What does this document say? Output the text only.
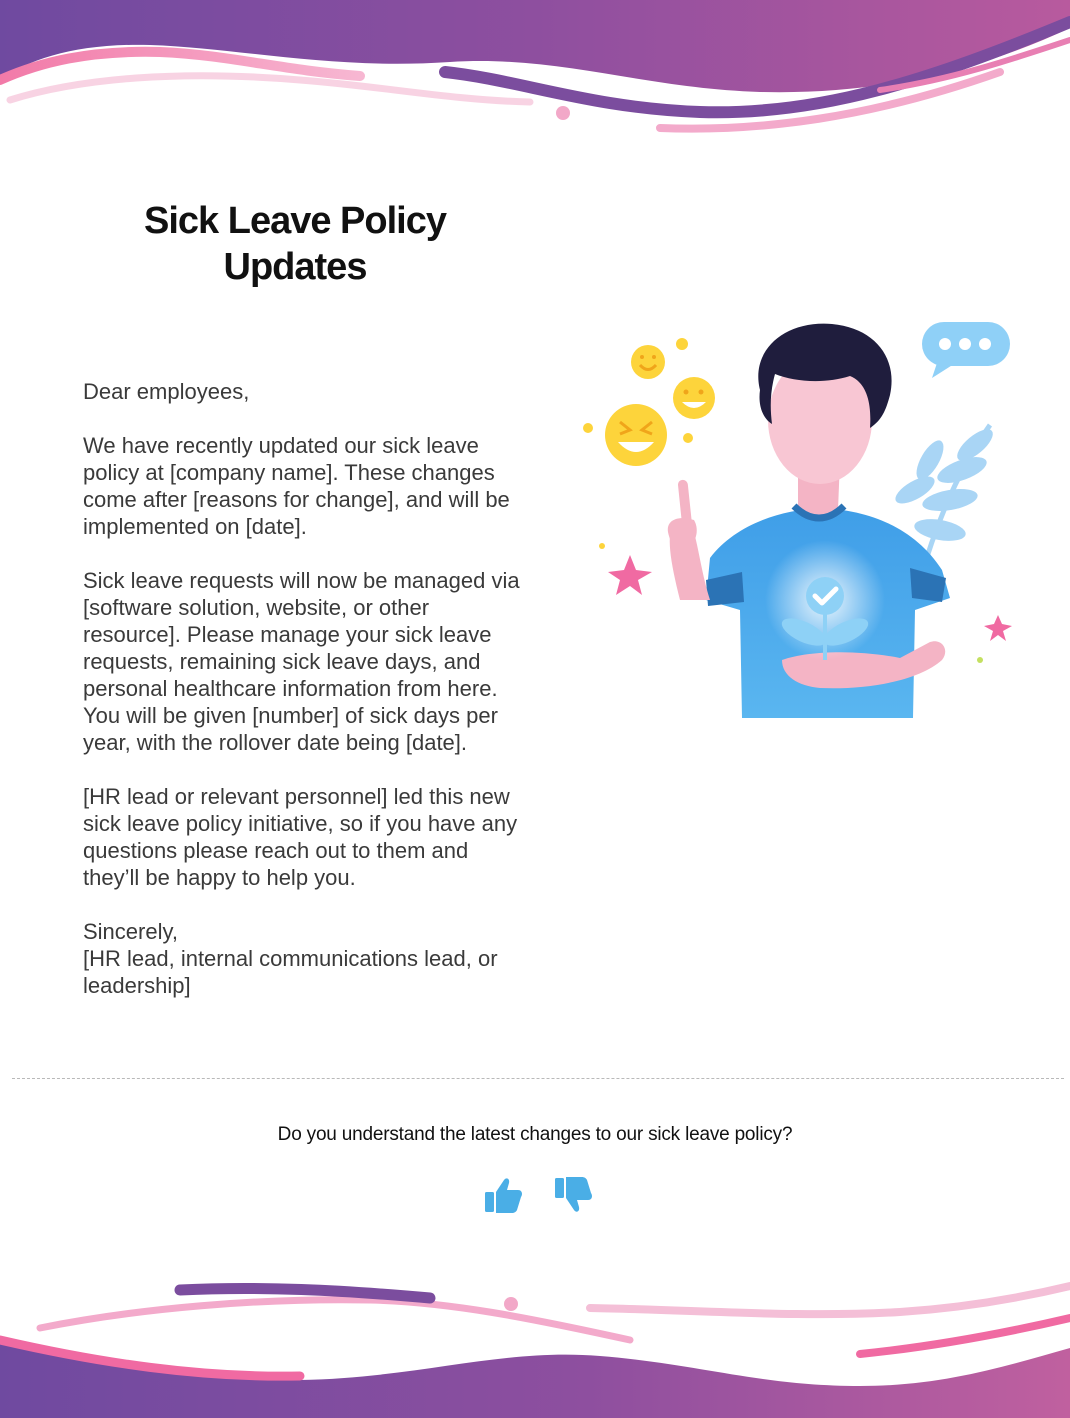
Sick Leave Policy
Updates

Dear employees,

We have recently updated our sick leave policy at [company name]. These changes come after [reasons for change], and will be implemented on [date].

Sick leave requests will now be managed via [software solution, website, or other resource]. Please manage your sick leave requests, remaining sick leave days, and personal healthcare information from here. You will be given [number] of sick days per year, with the rollover date being [date].

[HR lead or relevant personnel] led this new sick leave policy initiative, so if you have any questions please reach out to them and they’ll be happy to help you.

Sincerely,
[HR lead, internal communications lead, or leadership]

Do you understand the latest changes to our sick leave policy?
